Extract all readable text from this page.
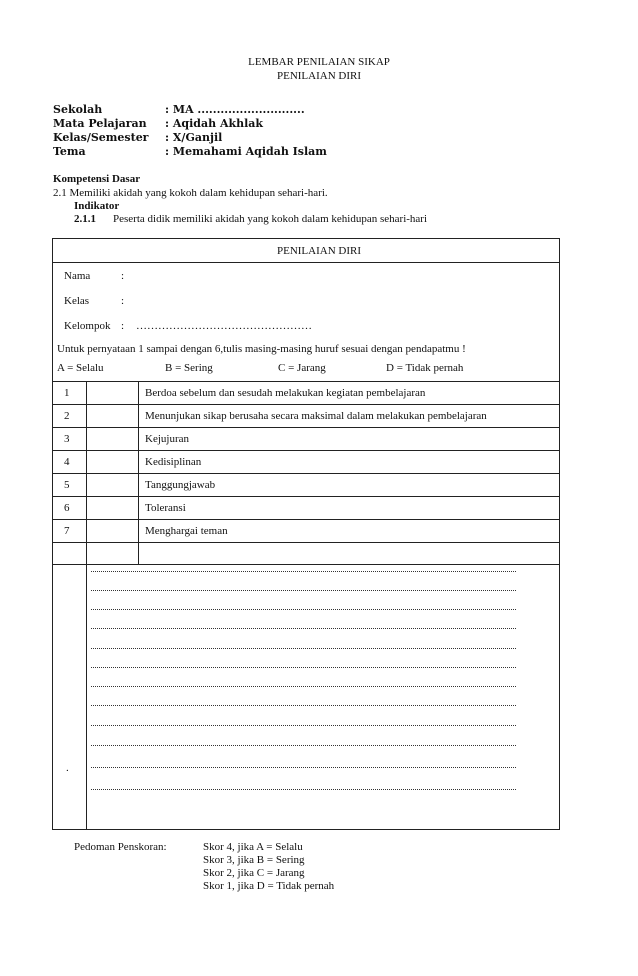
LEMBAR PENILAIAN SIKAP
PENILAIAN DIRI
Sekolah	: MA ............................
Mata Pelajaran : Aqidah Akhlak
Kelas/Semester : X/Ganjil
Tema	: Memahami Aqidah Islam
Kompetensi Dasar
2.1 Memiliki akidah yang kokoh dalam kehidupan sehari-hari.
Indikator
2.1.1 Peserta didik memiliki akidah yang kokoh dalam kehidupan sehari-hari
PENILAIAN DIRI
Nama	:
Kelas	:
Kelompok : …………………………………………
Untuk pernyataan 1 sampai dengan 6,tulis masing-masing huruf sesuai dengan pendapatmu !
A = Selalu	B = Sering	C = Jarang	D = Tidak pernah
1	Berdoa sebelum dan sesudah melakukan kegiatan pembelajaran
2	Menunjukan sikap berusaha secara maksimal dalam melakukan pembelajaran
3	Kejujuran
4	Kedisiplinan
5	Tanggungjawab
6	Toleransi
7	Menghargai teman
.
Pedoman Penskoran:	Skor 4, jika A = Selalu
Skor 3, jika B = Sering
Skor 2, jika C = Jarang
Skor 1, jika D = Tidak pernah
